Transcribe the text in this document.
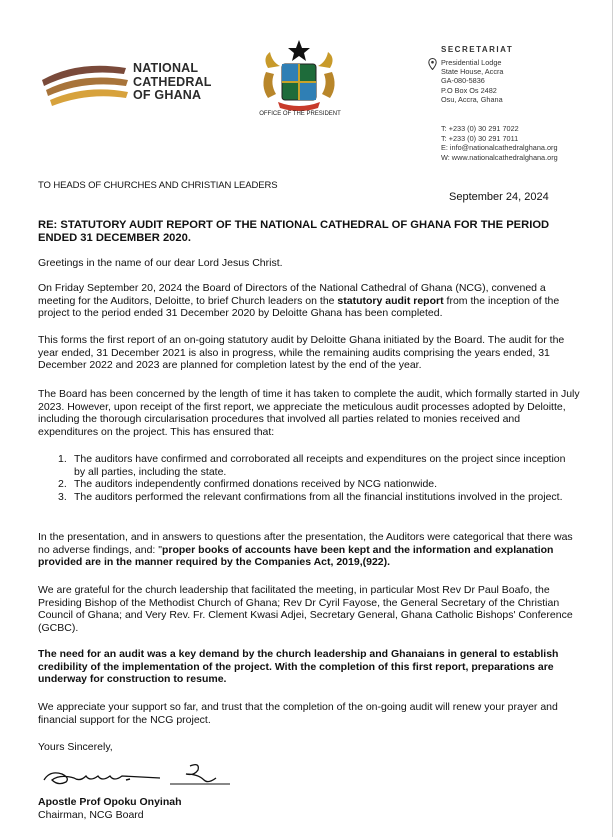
NATIONAL
CATHEDRAL
OF GHANA
OFFICE OF THE PRESIDENT
SECRETARIAT
Presidential Lodge
State House, Accra
GA-080-5836
P.O Box Os 2482
Osu, Accra, Ghana
T: +233 (0) 30 291 7022
T: +233 (0) 30 291 7011
E: info@nationalcathedralghana.org
W: www.nationalcathedralghana.org
TO HEADS OF CHURCHES AND CHRISTIAN LEADERS
September 24, 2024
RE: STATUTORY AUDIT REPORT OF THE NATIONAL CATHEDRAL OF GHANA FOR THE PERIOD ENDED 31 DECEMBER 2020.
Greetings in the name of our dear Lord Jesus Christ.
On Friday September 20, 2024 the Board of Directors of the National Cathedral of Ghana (NCG), convened a meeting for the Auditors, Deloitte, to brief Church leaders on the statutory audit report from the inception of the project to the period ended 31 December 2020 by Deloitte Ghana has been completed.
This forms the first report of an on-going statutory audit by Deloitte Ghana initiated by the Board. The audit for the year ended, 31 December 2021 is also in progress, while the remaining audits comprising the years ended, 31 December 2022 and 2023 are planned for completion latest by the end of the year.
The Board has been concerned by the length of time it has taken to complete the audit, which formally started in July 2023. However, upon receipt of the first report, we appreciate the meticulous audit processes adopted by Deloitte, including the thorough circularisation procedures that involved all parties related to monies received and expenditures on the project. This has ensured that:
1. The auditors have confirmed and corroborated all receipts and expenditures on the project since inception by all parties, including the state.
2. The auditors independently confirmed donations received by NCG nationwide.
3. The auditors performed the relevant confirmations from all the financial institutions involved in the project.
In the presentation, and in answers to questions after the presentation, the Auditors were categorical that there was no adverse findings, and: "proper books of accounts have been kept and the information and explanation provided are in the manner required by the Companies Act, 2019,(922).
We are grateful for the church leadership that facilitated the meeting, in particular Most Rev Dr Paul Boafo, the Presiding Bishop of the Methodist Church of Ghana; Rev Dr Cyril Fayose, the General Secretary of the Christian Council of Ghana; and Very Rev. Fr. Clement Kwasi Adjei, Secretary General, Ghana Catholic Bishops' Conference (GCBC).
The need for an audit was a key demand by the church leadership and Ghanaians in general to establish credibility of the implementation of the project. With the completion of this first report, preparations are underway for construction to resume.
We appreciate your support so far, and trust that the completion of the on-going audit will renew your prayer and financial support for the NCG project.
Yours Sincerely,
Apostle Prof Opoku Onyinah
Chairman, NCG Board
